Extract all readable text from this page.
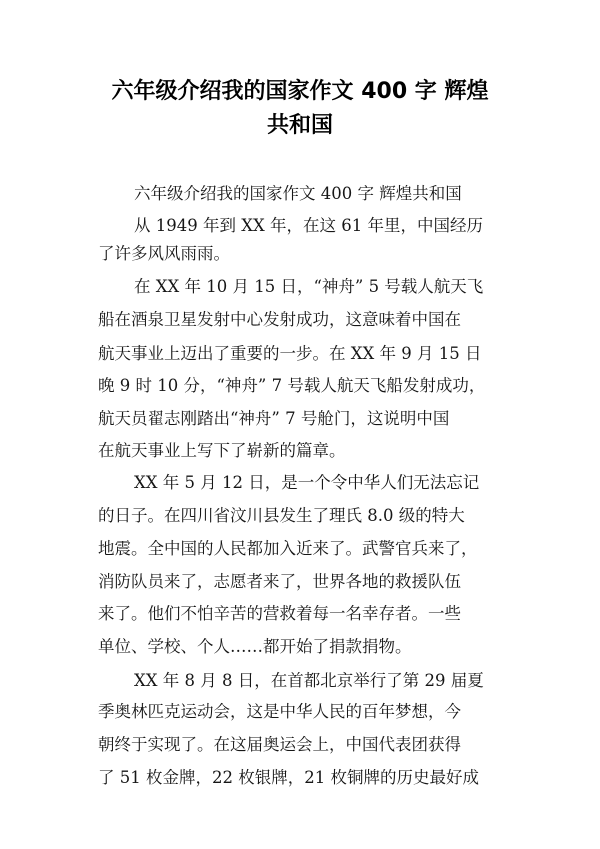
六年级介绍我的国家作文 400 字 辉煌
共和国

六年级介绍我的国家作文 400 字 辉煌共和国

从 1949 年到 XX 年，在这 61 年里，中国经历

了许多风风雨雨。

在 XX 年 10 月 15 日，“神舟” 5 号载人航天飞

船在酒泉卫星发射中心发射成功，这意味着中国在

航天事业上迈出了重要的一步。在 XX 年 9 月 15 日

晚 9 时 10 分，“神舟” 7 号载人航天飞船发射成功，

航天员翟志刚踏出“神舟” 7 号舱门，这说明中国

在航天事业上写下了崭新的篇章。

XX 年 5 月 12 日，是一个令中华人们无法忘记

的日子。在四川省汶川县发生了理氏 8.0 级的特大

地震。全中国的人民都加入近来了。武警官兵来了，

消防队员来了，志愿者来了，世界各地的救援队伍

来了。他们不怕辛苦的营救着每一名幸存者。一些

单位、学校、个人……都开始了捐款捐物。

XX 年 8 月 8 日，在首都北京举行了第 29 届夏

季奥林匹克运动会，这是中华人民的百年梦想，今

朝终于实现了。在这届奥运会上，中国代表团获得

了 51 枚金牌，22 枚银牌，21 枚铜牌的历史最好成
